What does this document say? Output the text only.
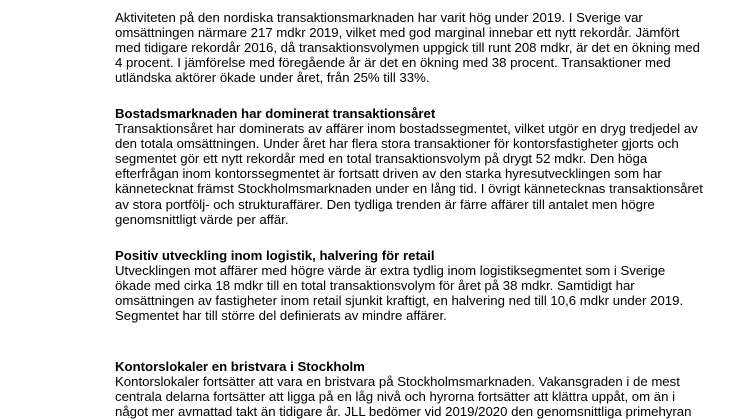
Aktiviteten på den nordiska transaktionsmarknaden har varit hög under 2019. I Sverige var
omsättningen närmare 217 mdkr 2019, vilket med god marginal innebar ett nytt rekordår. Jämfört
med tidigare rekordår 2016, då transaktionsvolymen uppgick till runt 208 mdkr, är det en ökning med
4 procent. I jämförelse med föregående år är det en ökning med 38 procent. Transaktioner med
utländska aktörer ökade under året, från 25% till 33%.
Bostadsmarknaden har dominerat transaktionsåret
Transaktionsåret har dominerats av affärer inom bostadssegmentet, vilket utgör en dryg tredjedel av
den totala omsättningen. Under året har flera stora transaktioner för kontorsfastigheter gjorts och
segmentet gör ett nytt rekordår med en total transaktionsvolym på drygt 52 mdkr. Den höga
efterfrågan inom kontorssegmentet är fortsatt driven av den starka hyresutvecklingen som har
kännetecknat främst Stockholmsmarknaden under en lång tid. I övrigt kännetecknas transaktionsåret
av stora portfölj- och strukturaffärer. Den tydliga trenden är färre affärer till antalet men högre
genomsnittligt värde per affär.
Positiv utveckling inom logistik, halvering för retail
Utvecklingen mot affärer med högre värde är extra tydlig inom logistiksegmentet som i Sverige
ökade med cirka 18 mdkr till en total transaktionsvolym för året på 38 mdkr. Samtidigt har
omsättningen av fastigheter inom retail sjunkit kraftigt, en halvering ned till 10,6 mdkr under 2019.
Segmentet har till större del definierats av mindre affärer.
Kontorslokaler en bristvara i Stockholm
Kontorslokaler fortsätter att vara en bristvara på Stockholmsmarknaden. Vakansgraden i de mest
centrala delarna fortsätter att ligga på en låg nivå och hyrorna fortsätter att klättra uppåt, om än i
något mer avmattad takt än tidigare år. JLL bedömer vid 2019/2020 den genomsnittliga primehyran
